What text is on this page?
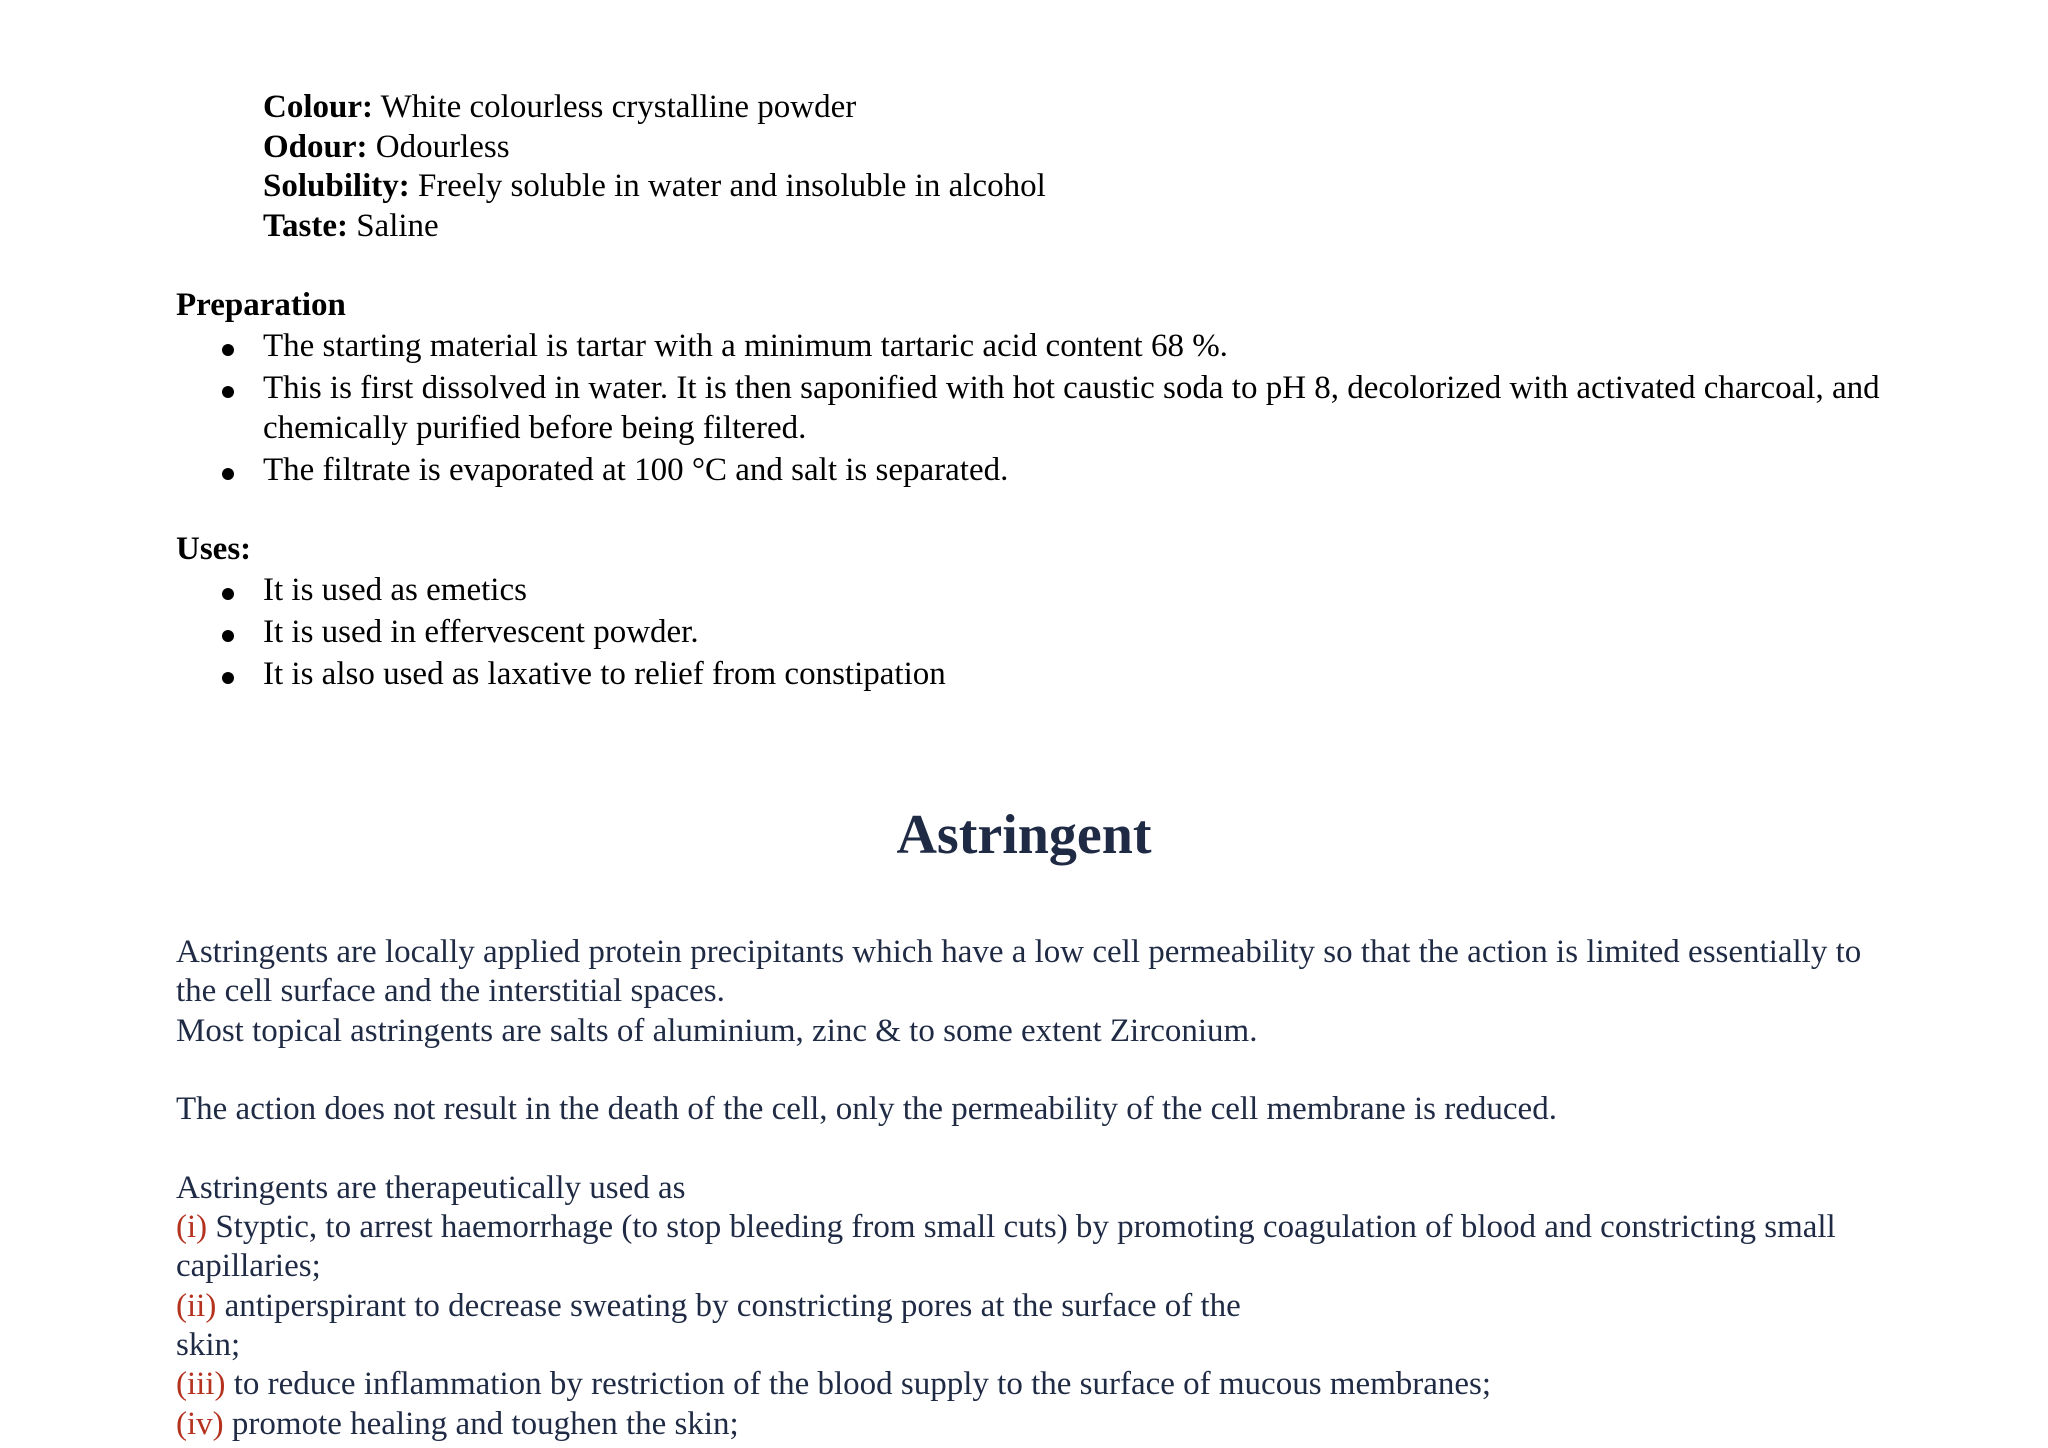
Colour: White colourless crystalline powder
Odour: Odourless
Solubility: Freely soluble in water and insoluble in alcohol
Taste: Saline

Preparation

The starting material is tartar with a minimum tartaric acid content 68 %.
This is first dissolved in water. It is then saponified with hot caustic soda to pH 8, decolorized with activated charcoal, and chemically purified before being filtered.
The filtrate is evaporated at 100 °C and salt is separated.

Uses:

It is used as emetics
It is used in effervescent powder.
It is also used as laxative to relief from constipation
Astringent

Astringents are locally applied protein precipitants which have a low cell permeability so that the action is limited essentially to the cell surface and the interstitial spaces.

Most topical astringents are salts of aluminium, zinc & to some extent Zirconium.

The action does not result in the death of the cell, only the permeability of the cell membrane is reduced.

Astringents are therapeutically used as

(i) Styptic, to arrest haemorrhage (to stop bleeding from small cuts) by promoting coagulation of blood and constricting small capillaries;

(ii) antiperspirant to decrease sweating by constricting pores at the surface of the

skin;

(iii) to reduce inflammation by restriction of the blood supply to the surface of mucous membranes;

(iv) promote healing and toughen the skin;
